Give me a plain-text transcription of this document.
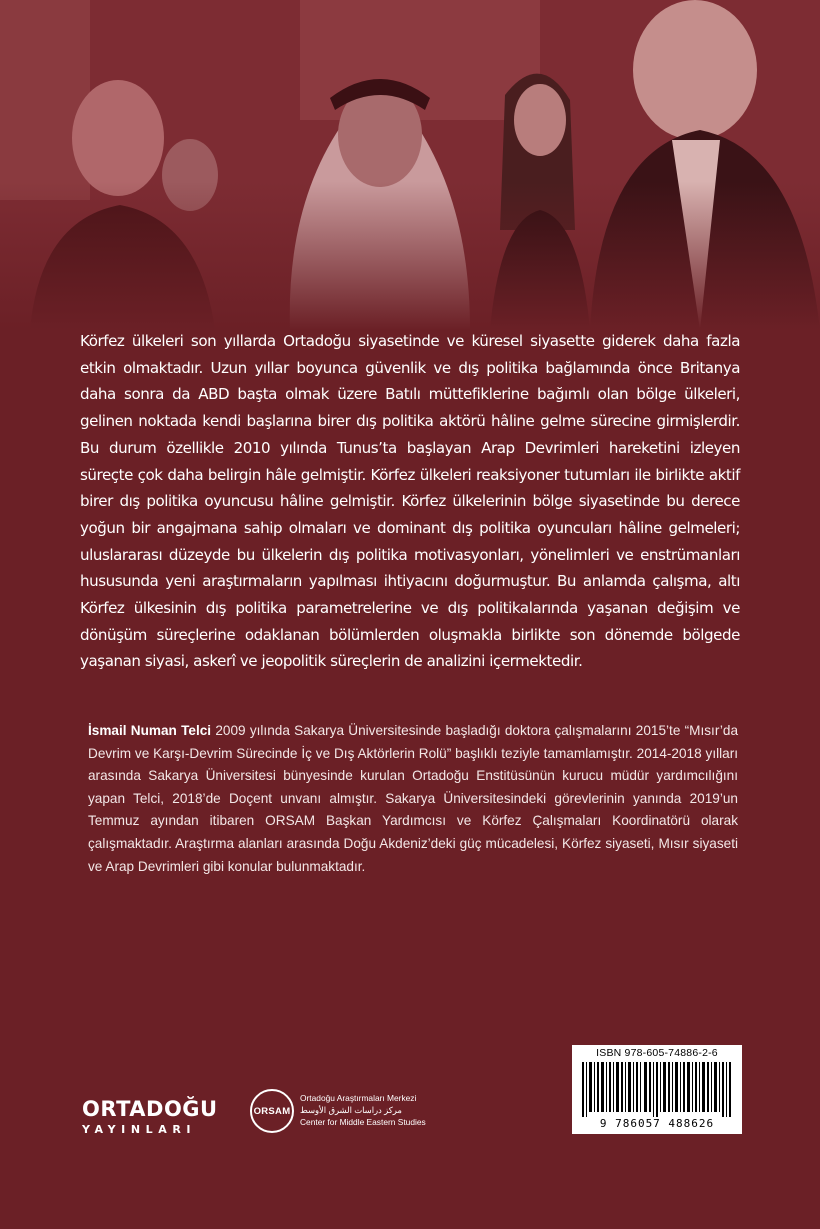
Körfez ülkeleri son yıllarda Ortadoğu siyasetinde ve küresel siyasette giderek daha fazla etkin olmaktadır. Uzun yıllar boyunca güvenlik ve dış politika bağlamında önce Britanya daha sonra da ABD başta olmak üzere Batılı müttefiklerine bağımlı olan bölge ülkeleri, gelinen noktada kendi başlarına birer dış politika aktörü hâline gelme sürecine girmişlerdir. Bu durum özellikle 2010 yılında Tunus’ta başlayan Arap Devrimleri hareketini izleyen süreçte çok daha belirgin hâle gelmiştir. Körfez ülkeleri reaksiyoner tutumları ile birlikte aktif birer dış politika oyuncusu hâline gelmiştir. Körfez ülkelerinin bölge siyasetinde bu derece yoğun bir angajmana sahip olmaları ve dominant dış politika oyuncuları hâline gelmeleri; uluslararası düzeyde bu ülkelerin dış politika motivasyonları, yönelimleri ve enstrümanları hususunda yeni araştırmaların yapılması ihtiyacını doğurmuştur. Bu anlamda çalışma, altı Körfez ülkesinin dış politika parametrelerine ve dış politikalarında yaşanan değişim ve dönüşüm süreçlerine odaklanan bölümlerden oluşmakla birlikte son dönemde bölgede yaşanan siyasi, askerî ve jeopolitik süreçlerin de analizini içermektedir.

İsmail Numan Telci 2009 yılında Sakarya Üniversitesinde başladığı doktora çalışmalarını 2015’te “Mısır’da Devrim ve Karşı-Devrim Sürecinde İç ve Dış Aktörlerin Rolü” başlıklı teziyle tamamlamıştır. 2014-2018 yılları arasında Sakarya Üniversitesi bünyesinde kurulan Ortadoğu Enstitüsünün kurucu müdür yardımcılığını yapan Telci, 2018’de Doçent unvanı almıştır. Sakarya Üniversitesindeki görevlerinin yanında 2019’un Temmuz ayından itibaren ORSAM Başkan Yardımcısı ve Körfez Çalışmaları Koordinatörü olarak çalışmaktadır. Araştırma alanları arasında Doğu Akdeniz’deki güç mücadelesi, Körfez siyaseti, Mısır siyaseti ve Arap Devrimleri gibi konular bulunmaktadır.

ORTADOĞU
YAYINLARI
ORSAM
Ortadoğu Araştırmaları Merkezi
مركز دراسات الشرق الأوسط
Center for Middle Eastern Studies
ISBN 978-605-74886-2-6
9 786057 488626
